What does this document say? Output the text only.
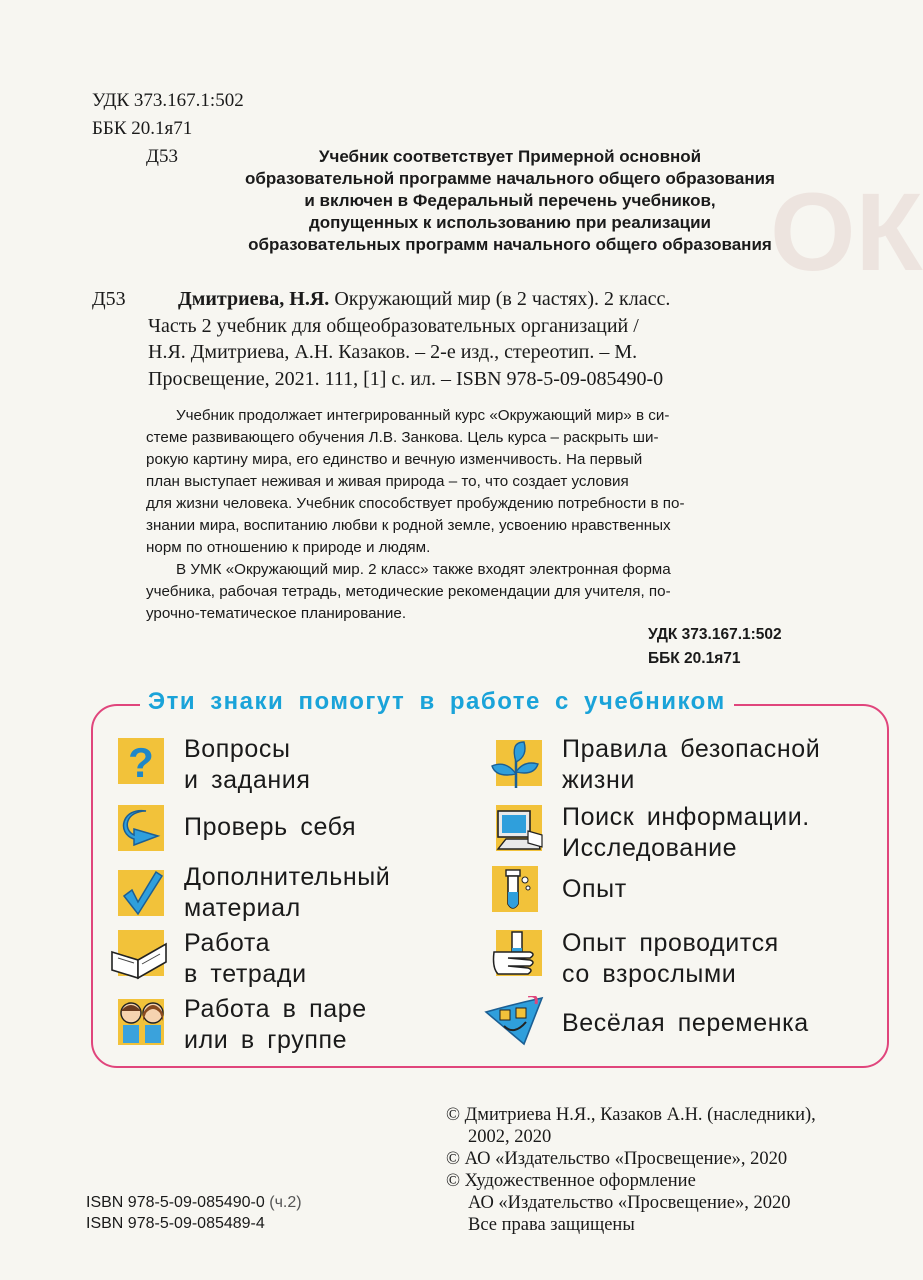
ОК
УДК 373.167.1:502
ББК 20.1я71
Д53	Учебник соответствует Примерной основной
образовательной программе начального общего образования
и включен в Федеральный перечень учебников,
допущенных к использованию при реализации
образовательных программ начального общего образования
Д53	Дмитриева, Н.Я. Окружающий мир (в 2 частях). 2 класс.
Часть 2 учебник для общеобразовательных организаций /
Н.Я. Дмитриева, А.Н. Казаков. – 2-е изд., стереотип. – М.
Просвещение, 2021. 111, [1] с. ил. – ISBN 978-5-09-085490-0
Учебник продолжает интегрированный курс «Окружающий мир» в си-
стеме развивающего обучения Л.В. Занкова. Цель курса – раскрыть ши-
рокую картину мира, его единство и вечную изменчивость. На первый
план выступает неживая и живая природа – то, что создает условия
для жизни человека. Учебник способствует пробуждению потребности в по-
знании мира, воспитанию любви к родной земле, усвоению нравственных
норм по отношению к природе и людям.
В УМК «Окружающий мир. 2 класс» также входят электронная форма
учебника, рабочая тетрадь, методические рекомендации для учителя, по-
урочно-тематическое планирование.
УДК 373.167.1:502
ББК 20.1я71
Эти знаки помогут в работе с учебником
? Вопросы
и задания
Проверь себя
Дополнительный
материал
Работа
в тетради
Работа в паре
или в группе
Правила безопасной
жизни
Поиск информации.
Исследование
Опыт
Опыт проводится
со взрослыми
Весёлая переменка
© Дмитриева Н.Я., Казаков А.Н. (наследники),
2002, 2020
© АО «Издательство «Просвещение», 2020
© Художественное оформление
АО «Издательство «Просвещение», 2020
Все права защищены
ISBN 978-5-09-085490-0 (ч.2)
ISBN 978-5-09-085489-4
